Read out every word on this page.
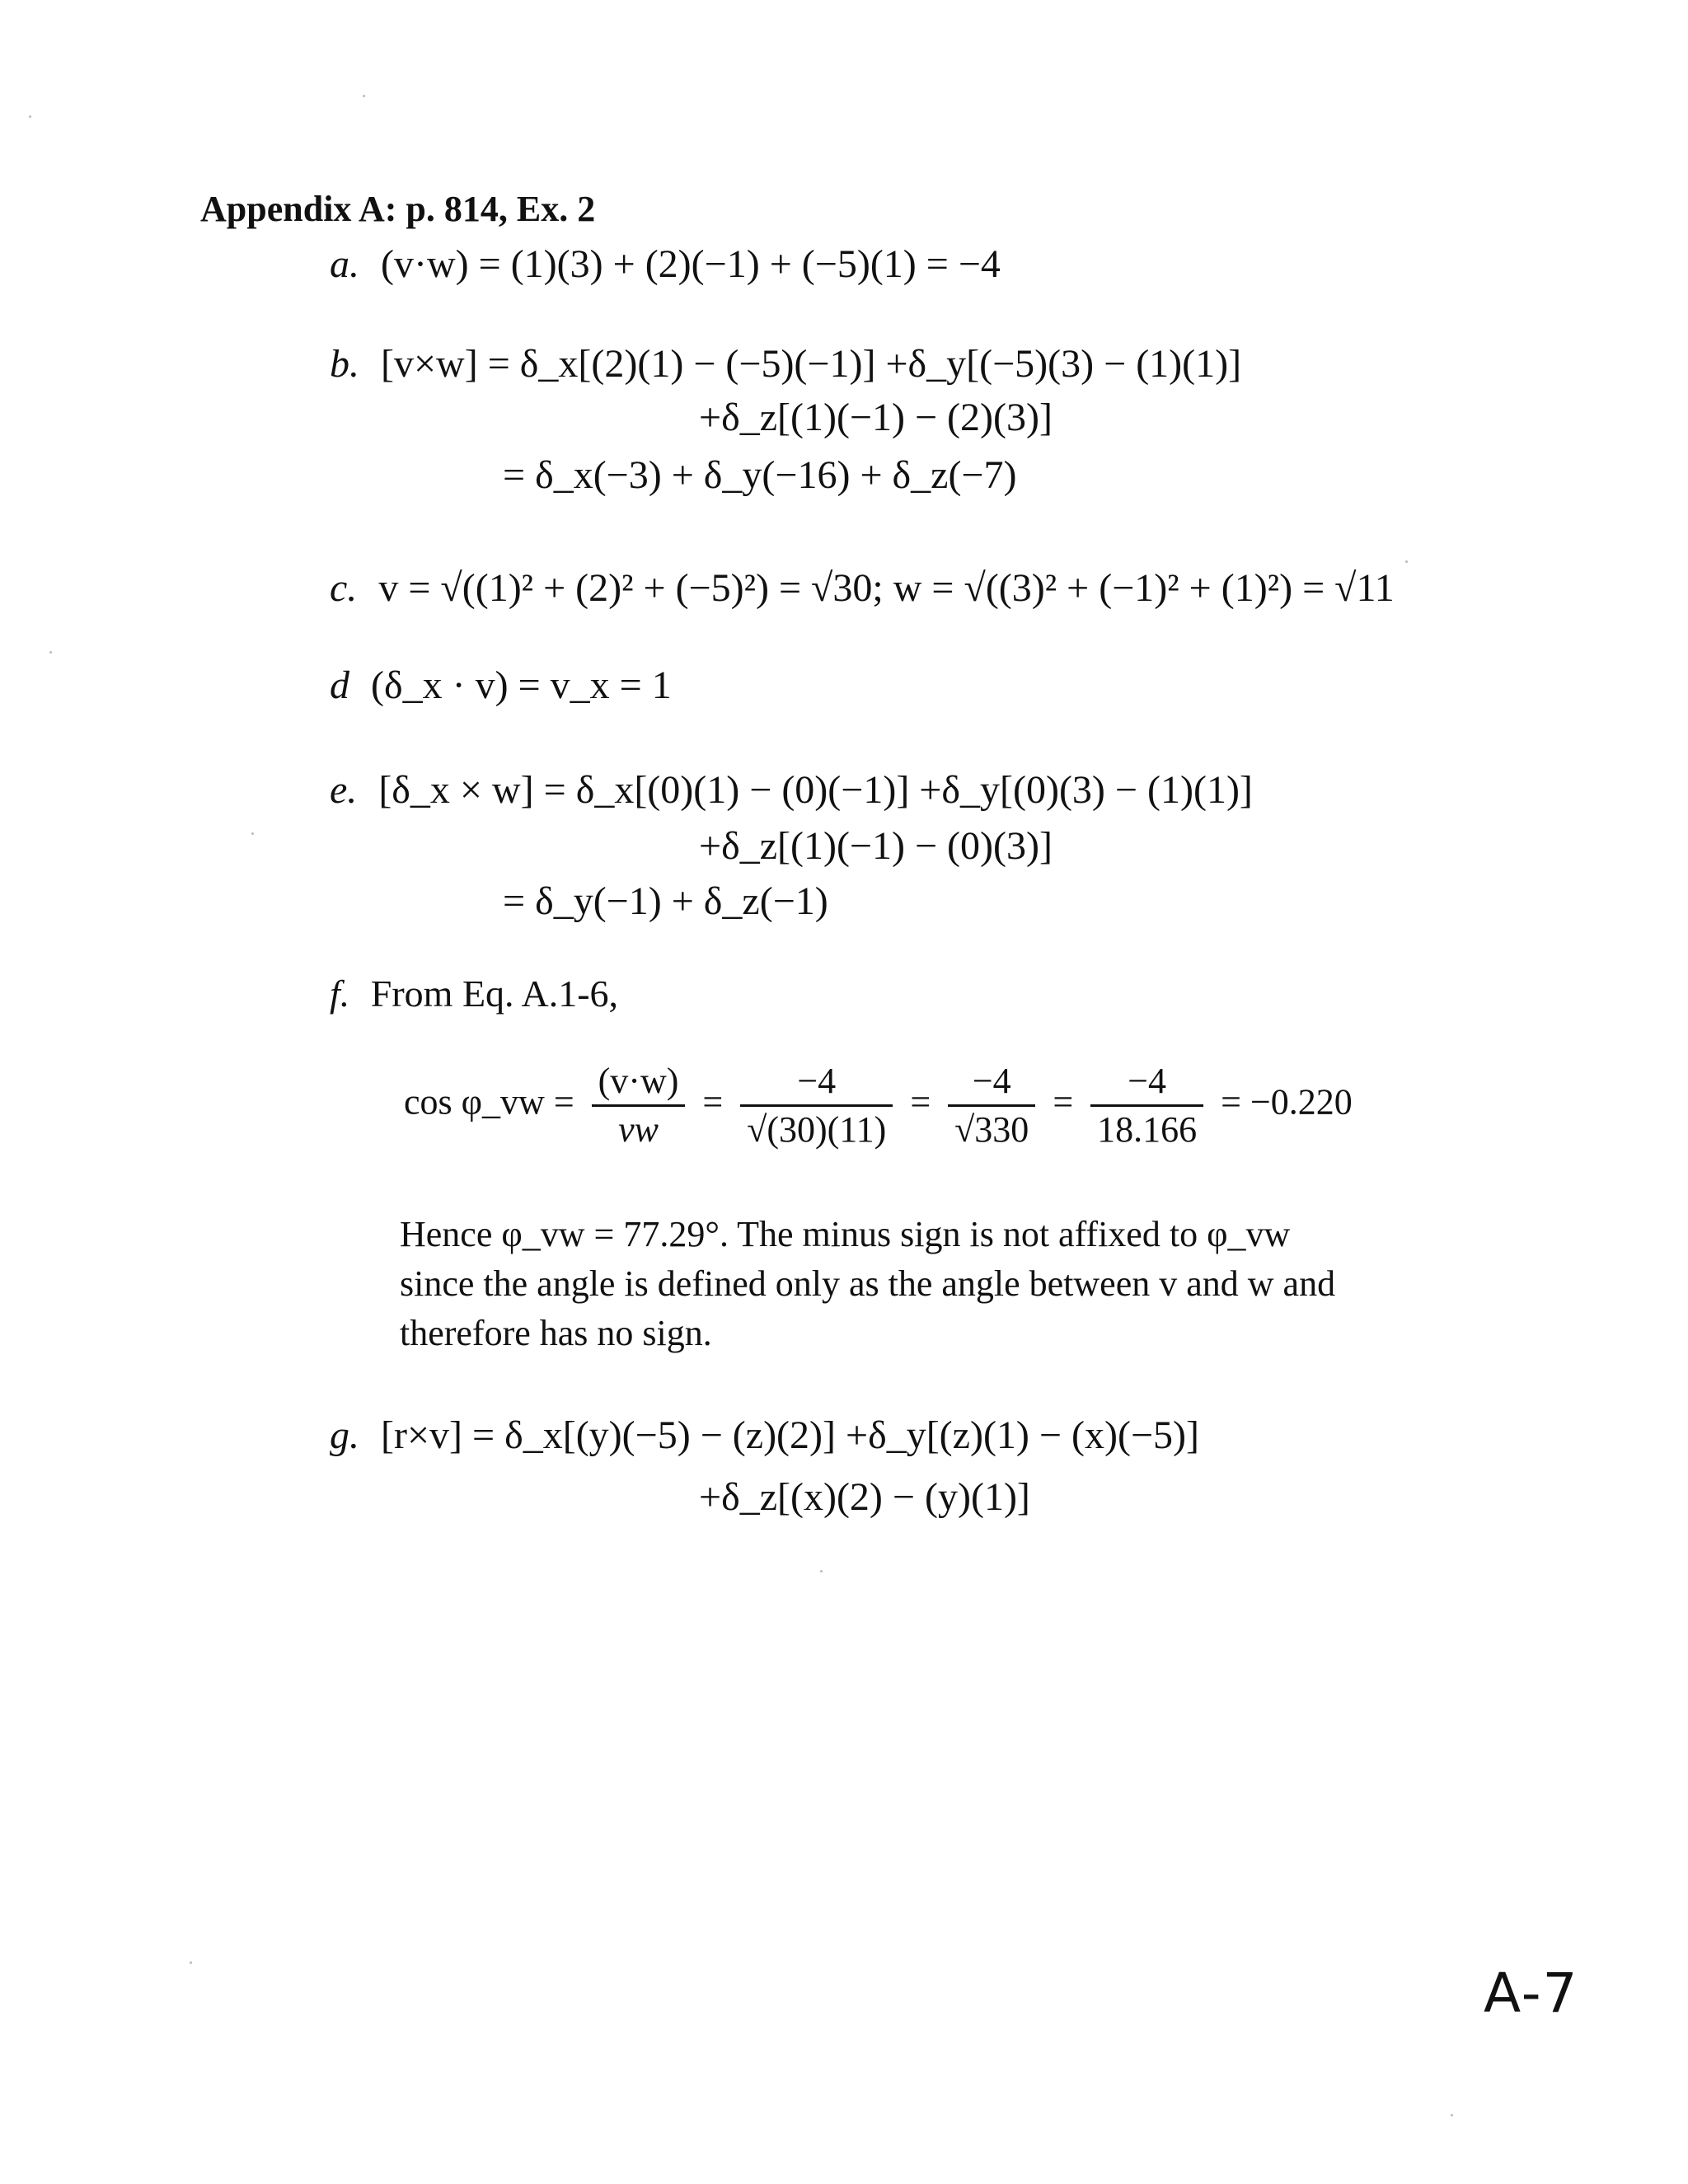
Appendix A: p. 814, Ex. 2
a. (v·w) = (1)(3) + (2)(−1) + (−5)(1) = −4
b. [v×w] = δ_x[(2)(1) − (−5)(−1)] +δ_y[(−5)(3) − (1)(1)]
+δ_z[(1)(−1) − (2)(3)]
= δ_x(−3) + δ_y(−16) + δ_z(−7)
c. v = √((1)² + (2)² + (−5)²) = √30; w = √((3)² + (−1)² + (1)²) = √11
d (δ_x · v) = v_x = 1
e. [δ_x × w] = δ_x[(0)(1) − (0)(−1)] +δ_y[(0)(3) − (1)(1)]
+δ_z[(1)(−1) − (0)(3)]
= δ_y(−1) + δ_z(−1)
f. From Eq. A.1-6,
cos φ_vw = $\frac{(v\cdot w)}{vw} = \frac{-4}{√(30)(11)} = \frac{-4}{√330} = \frac{-4}{18.166} = -0.220$
Hence φ_vw = 77.29°. The minus sign is not affixed to φ_vw since the angle is defined only as the angle between v and w and therefore has no sign.
g. [r×v] = δ_x[(y)(−5) − (z)(2)] +δ_y[(z)(1) − (x)(−5)]
+δ_z[(x)(2) − (y)(1)]
A-7
